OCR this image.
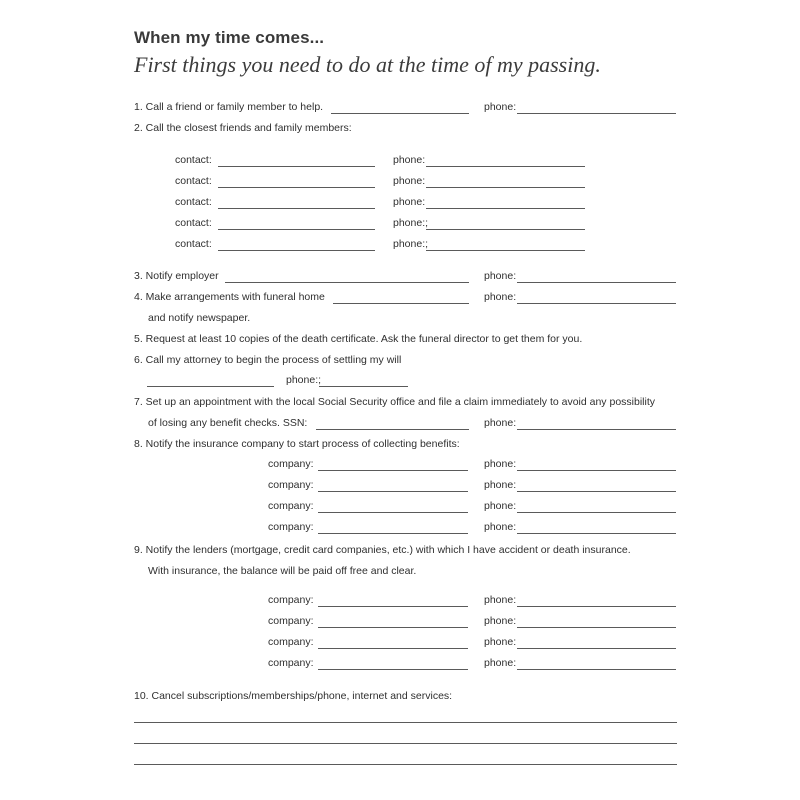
When my time comes...
First things you need to do at the time of my passing.
1. Call a friend or family member to help.	phone:
2. Call the closest friends and family members:
contact:	phone:
contact:	phone:
contact:	phone:
contact:	phone:;
contact:	phone:;
3. Notify employer	phone:
4. Make arrangements with funeral home	phone:
and notify newspaper.
5. Request at least 10 copies of the death certificate. Ask the funeral director to get them for you.
6. Call my attorney to begin the process of settling my will
phone:;
7. Set up an appointment with the local Social Security office and file a claim immediately to avoid any possibility
of losing any benefit checks. SSN:	phone:
8. Notify the insurance company to start process of collecting benefits:
company:	phone:
company:	phone:
company:	phone:
company:	phone:
9. Notify the lenders (mortgage, credit card companies, etc.) with which I have accident or death insurance.
With insurance, the balance will be paid off free and clear.
company:	phone:
company:	phone:
company:	phone:
company:	phone:
10. Cancel subscriptions/memberships/phone, internet and services:
